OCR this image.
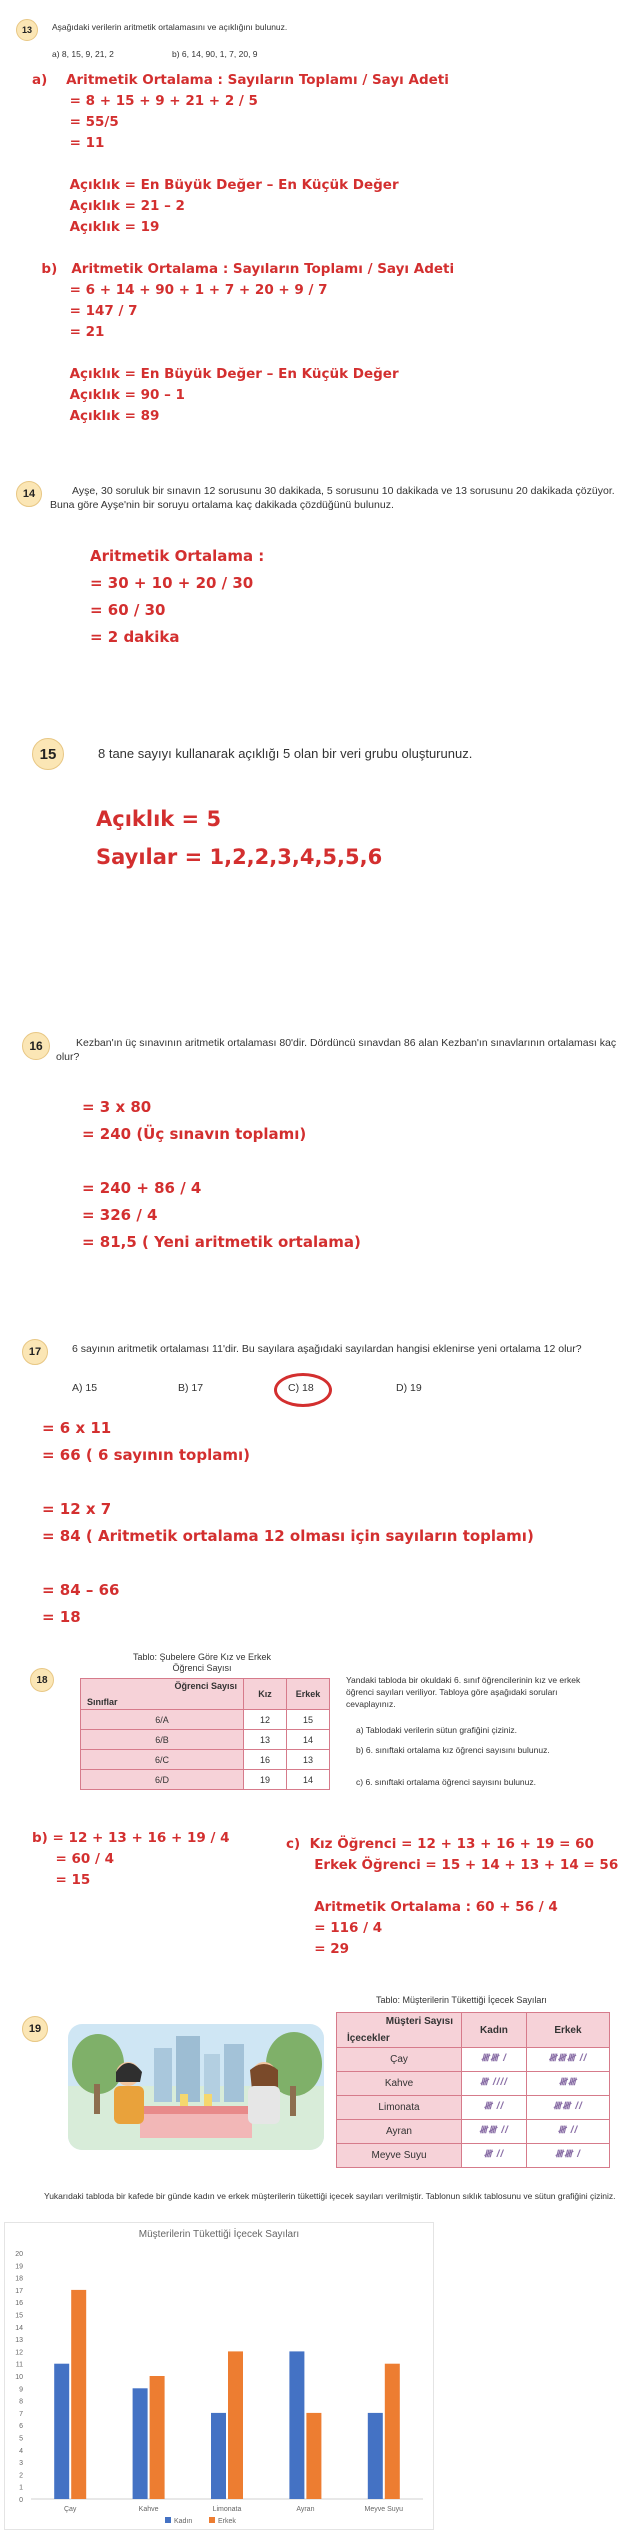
13	Aşağıdaki verilerin aritmetik ortalamasını ve açıklığını bulunuz.
a) 8, 15, 9, 21, 2	b) 6, 14, 90, 1, 7, 20, 9
a)    Aritmetik Ortalama : Sayıların Toplamı / Sayı Adeti
= 8 + 15 + 9 + 21 + 2 / 5
= 55/5
= 11

Açıklık = En Büyük Değer – En Küçük Değer
Açıklık = 21 – 2
Açıklık = 19

b)   Aritmetik Ortalama : Sayıların Toplamı / Sayı Adeti
= 6 + 14 + 90 + 1 + 7 + 20 + 9 / 7
= 147 / 7
= 21

Açıklık = En Büyük Değer – En Küçük Değer
Açıklık = 90 – 1
Açıklık = 89
14	Ayşe, 30 soruluk bir sınavın 12 sorusunu 30 dakikada, 5 sorusunu 10 dakikada ve 13 sorusunu 20 dakikada çözüyor. Buna göre Ayşe'nin bir soruyu ortalama kaç dakikada çözdüğünü bulunuz.
Aritmetik Ortalama :
= 30 + 10 + 20 / 30
= 60 / 30
= 2 dakika
15	8 tane sayıyı kullanarak açıklığı 5 olan bir veri grubu oluşturunuz.
Açıklık = 5
Sayılar = 1,2,2,3,4,5,5,6
16	Kezban'ın üç sınavının aritmetik ortalaması 80'dir. Dördüncü sınavdan 86 alan Kezban'ın sınavlarının ortalaması kaç olur?
= 3 x 80
= 240 (Üç sınavın toplamı)

= 240 + 86 / 4
= 326 / 4
= 81,5 ( Yeni aritmetik ortalama)
17	6 sayının aritmetik ortalaması 11'dir. Bu sayılara aşağıdaki sayılardan hangisi eklenirse yeni ortalama 12 olur?
A) 15	B) 17	C) 18	D) 19
= 6 x 11
= 66 ( 6 sayının toplamı)

= 12 x 7
= 84 ( Aritmetik ortalama 12 olması için sayıların toplamı)

= 84 – 66
= 18
18
Tablo: Şubelere Göre Kız ve Erkek Öğrenci Sayısı
Öğrenci Sayısı
Sınıflar	Kız	Erkek
6/A	12	15
6/B	13	14
6/C	16	13
6/D	19	14
Yandaki tabloda bir okuldaki 6. sınıf öğrencilerinin kız ve erkek öğrenci sayıları veriliyor. Tabloya göre aşağıdaki soruları cevaplayınız.
a) Tablodaki verilerin sütun grafiğini çiziniz.
b) 6. sınıftaki ortalama kız öğrenci sayısını bulunuz.
c) 6. sınıftaki ortalama öğrenci sayısını bulunuz.
b) = 12 + 13 + 16 + 19 / 4
= 60 / 4
= 15
c)  Kız Öğrenci = 12 + 13 + 16 + 19 = 60
Erkek Öğrenci = 15 + 14 + 13 + 14 = 56

Aritmetik Ortalama : 60 + 56 / 4
= 116 / 4
= 29
19
Tablo: Müşterilerin Tükettiği İçecek Sayıları
Müşteri Sayısı
İçecekler	Kadın	Erkek
Çay	𝍸𝍸 /	𝍸𝍸𝍸 //
Kahve	𝍸 ////	𝍸𝍸
Limonata	𝍸 //	𝍸𝍸 //
Ayran	𝍸𝍸 //	𝍸 //
Meyve Suyu	𝍸 //	𝍸𝍸 /
Yukarıdaki tabloda bir kafede bir günde kadın ve erkek müşterilerin tükettiği içecek sayıları verilmiştir. Tablonun sıklık tablosunu ve sütun grafiğini çiziniz.
Müşterilerin Tükettiği İçecek Sayıları
0
1
2
3
4
5
6
7
8
9
10
11
12
13
14
15
16
17
18
19
20
Çay	Kahve	Limonata	Ayran	Meyve Suyu
Kadın	Erkek
